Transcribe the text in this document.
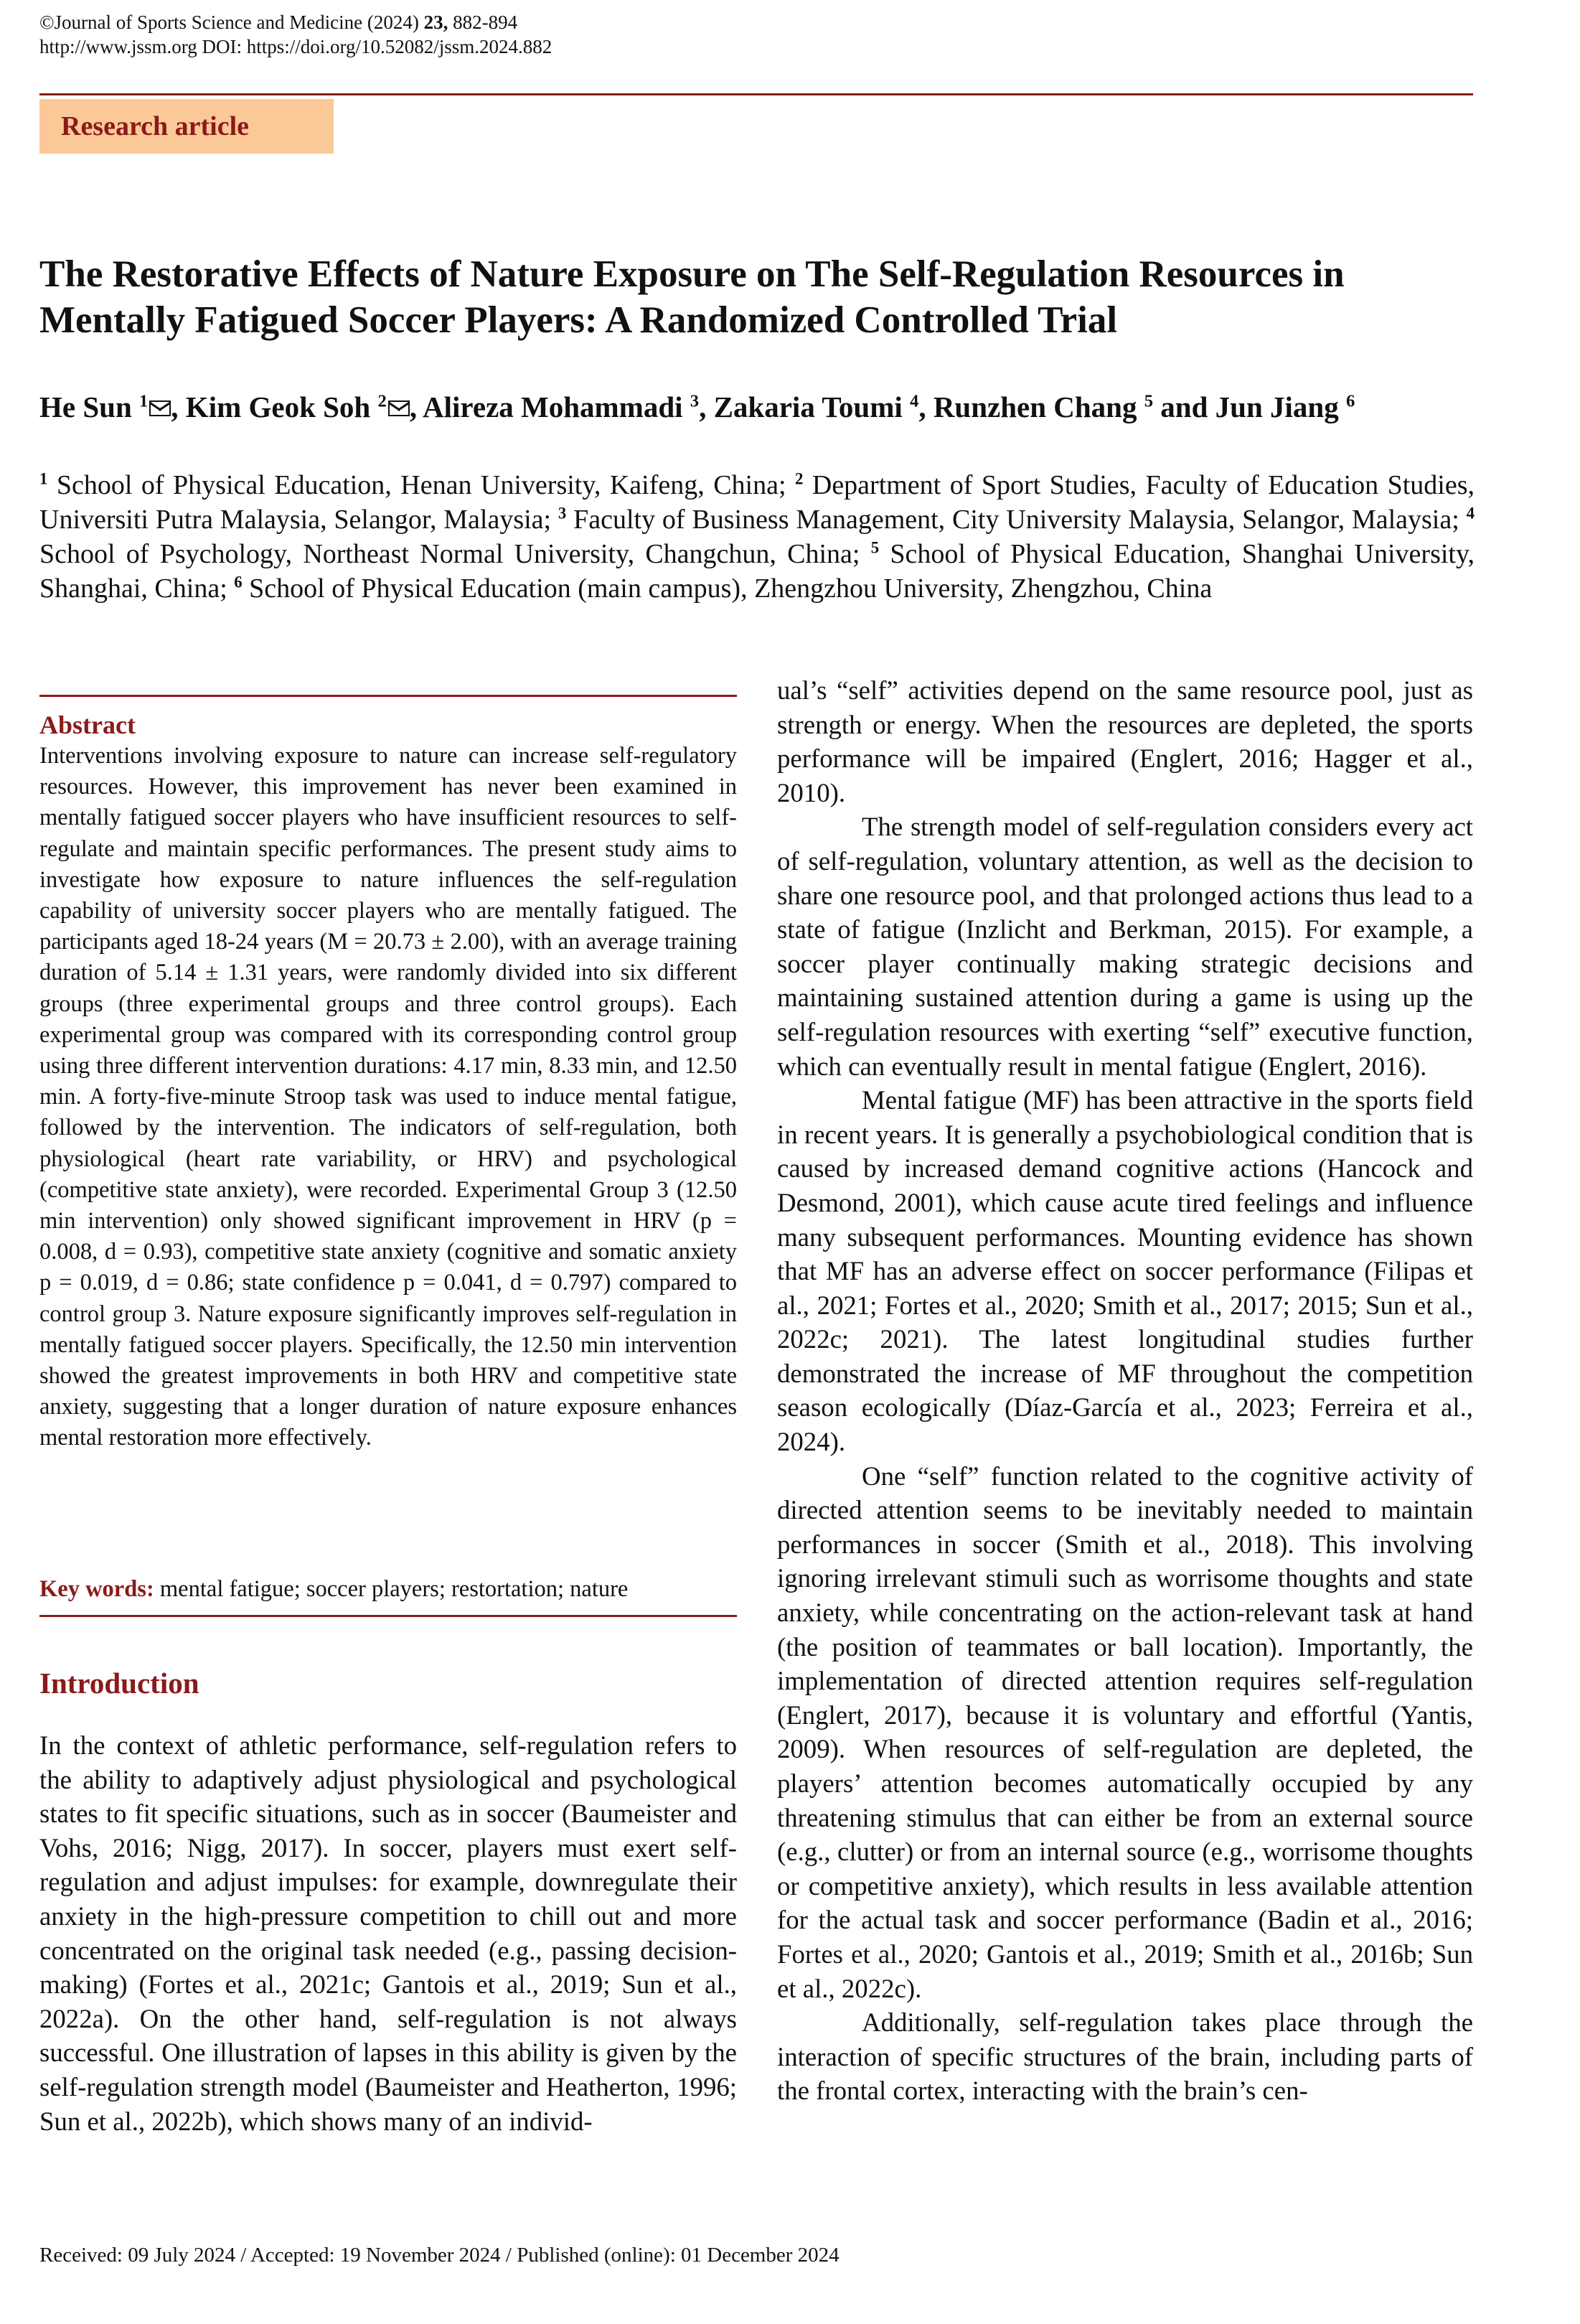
©Journal of Sports Science and Medicine (2024) 23, 882-894
http://www.jssm.org DOI: https://doi.org/10.52082/jssm.2024.882
Research article
The Restorative Effects of Nature Exposure on The Self-Regulation Resources in Mentally Fatigued Soccer Players: A Randomized Controlled Trial
He Sun $^1$ , Kim Geok Soh $^2$ , Alireza Mohammadi $^3$, Zakaria Toumi $^4$, Runzhen Chang $^5$ and Jun Jiang $^6$
$^1$ School of Physical Education, Henan University, Kaifeng, China; $^2$ Department of Sport Studies, Faculty of Education Studies, Universiti Putra Malaysia, Selangor, Malaysia; $^3$ Faculty of Business Management, City University Malaysia, Selangor, Malaysia; $^4$ School of Psychology, Northeast Normal University, Changchun, China; $^5$ School of Physical Education, Shanghai University, Shanghai, China; $^6$ School of Physical Education (main campus), Zhengzhou University, Zhengzhou, China
Abstract
Interventions involving exposure to nature can increase self-regulatory resources. However, this improvement has never been examined in mentally fatigued soccer players who have insufficient resources to self-regulate and maintain specific performances. The present study aims to investigate how exposure to nature influences the self-regulation capability of university soccer players who are mentally fatigued. The participants aged 18-24 years (M = 20.73 ± 2.00), with an average training duration of 5.14 ± 1.31 years, were randomly divided into six different groups (three experimental groups and three control groups). Each experimental group was compared with its corresponding control group using three different intervention durations: 4.17 min, 8.33 min, and 12.50 min. A forty-five-minute Stroop task was used to induce mental fatigue, followed by the intervention. The indicators of self-regulation, both physiological (heart rate variability, or HRV) and psychological (competitive state anxiety), were recorded. Experimental Group 3 (12.50 min intervention) only showed significant improvement in HRV (p = 0.008, d = 0.93), competitive state anxiety (cognitive and somatic anxiety p = 0.019, d = 0.86; state confidence p = 0.041, d = 0.797) compared to control group 3. Nature exposure significantly improves self-regulation in mentally fatigued soccer players. Specifically, the 12.50 min intervention showed the greatest improvements in both HRV and competitive state anxiety, suggesting that a longer duration of nature exposure enhances mental restoration more effectively.
Key words: mental fatigue; soccer players; restortation; nature
Introduction
In the context of athletic performance, self-regulation refers to the ability to adaptively adjust physiological and psychological states to fit specific situations, such as in soccer (Baumeister and Vohs, 2016; Nigg, 2017). In soccer, players must exert self-regulation and adjust impulses: for example, downregulate their anxiety in the high-pressure competition to chill out and more concentrated on the original task needed (e.g., passing decision-making) (Fortes et al., 2021c; Gantois et al., 2019; Sun et al., 2022a). On the other hand, self-regulation is not always successful. One illustration of lapses in this ability is given by the self-regulation strength model (Baumeister and Heatherton, 1996; Sun et al., 2022b), which shows many of an individ-

ual’s “self” activities depend on the same resource pool, just as strength or energy. When the resources are depleted, the sports performance will be impaired (Englert, 2016; Hagger et al., 2010).

The strength model of self-regulation considers every act of self-regulation, voluntary attention, as well as the decision to share one resource pool, and that prolonged actions thus lead to a state of fatigue (Inzlicht and Berkman, 2015). For example, a soccer player continually making strategic decisions and maintaining sustained attention during a game is using up the self-regulation resources with exerting “self” executive function, which can eventually result in mental fatigue (Englert, 2016).

Mental fatigue (MF) has been attractive in the sports field in recent years. It is generally a psychobiological condition that is caused by increased demand cognitive actions (Hancock and Desmond, 2001), which cause acute tired feelings and influence many subsequent performances. Mounting evidence has shown that MF has an adverse effect on soccer performance (Filipas et al., 2021; Fortes et al., 2020; Smith et al., 2017; 2015; Sun et al., 2022c; 2021). The latest longitudinal studies further demonstrated the increase of MF throughout the competition season ecologically (Díaz-García et al., 2023; Ferreira et al., 2024).

One “self” function related to the cognitive activity of directed attention seems to be inevitably needed to maintain performances in soccer (Smith et al., 2018). This involving ignoring irrelevant stimuli such as worrisome thoughts and state anxiety, while concentrating on the action-relevant task at hand (the position of teammates or ball location). Importantly, the implementation of directed attention requires self-regulation (Englert, 2017), because it is voluntary and effortful (Yantis, 2009). When resources of self-regulation are depleted, the players’ attention becomes automatically occupied by any threatening stimulus that can either be from an external source (e.g., clutter) or from an internal source (e.g., worrisome thoughts or competitive anxiety), which results in less available attention for the actual task and soccer performance (Badin et al., 2016; Fortes et al., 2020; Gantois et al., 2019; Smith et al., 2016b; Sun et al., 2022c).

Additionally, self-regulation takes place through the interaction of specific structures of the brain, including parts of the frontal cortex, interacting with the brain’s cen-

Received: 09 July 2024 / Accepted: 19 November 2024 / Published (online): 01 December 2024
